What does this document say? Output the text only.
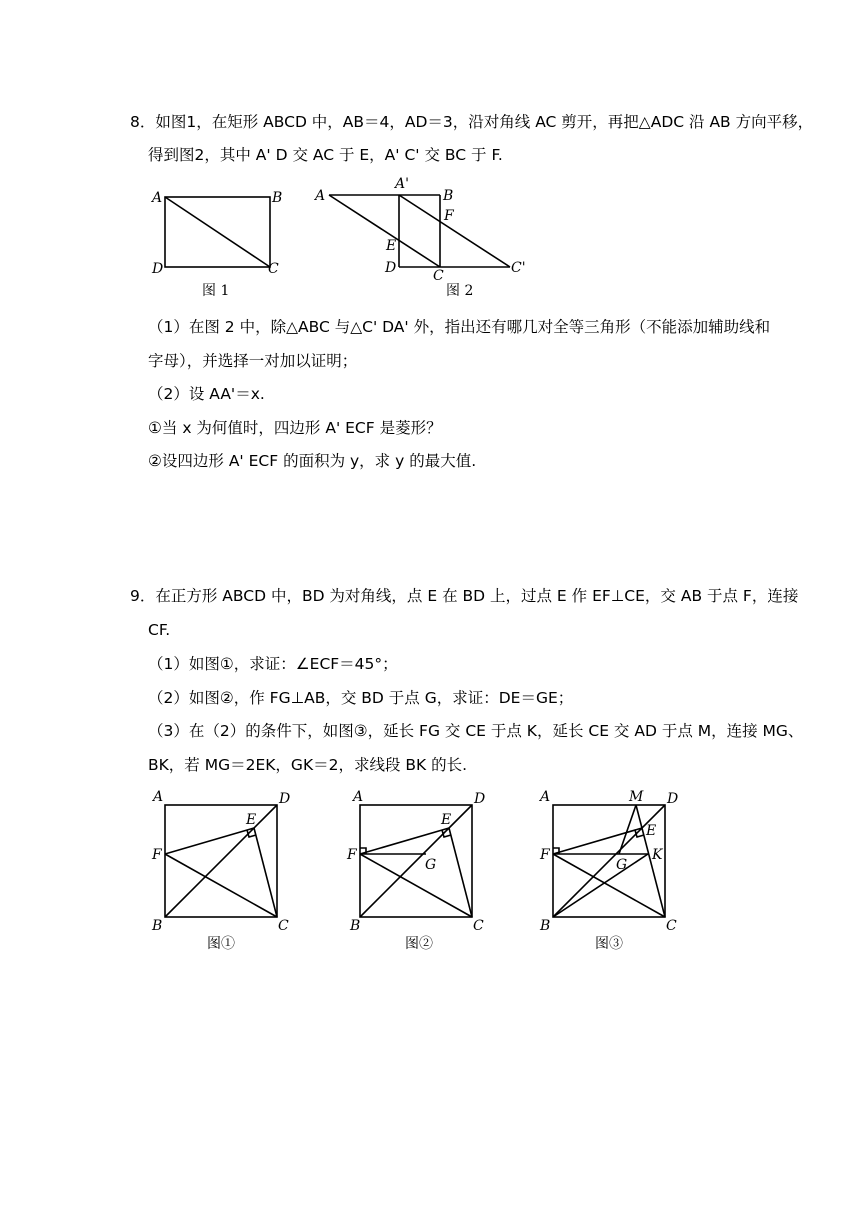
8．如图1，在矩形 ABCD 中，AB＝4，AD＝3，沿对角线 AC 剪开，再把△ADC 沿 AB 方向平移，
得到图2，其中 A' D 交 AC 于 E，A' C' 交 BC 于 F.
A	B
D	C
图 1
A
A'
B
F
E
D	C	C'
图 2
（1）在图 2 中，除△ABC 与△C' DA' 外，指出还有哪几对全等三角形（不能添加辅助线和
字母），并选择一对加以证明；
（2）设 AA'＝x.
①当 x 为何值时，四边形 A' ECF 是菱形？
②设四边形 A' ECF 的面积为 y，求 y 的最大值.
9．在正方形 ABCD 中，BD 为对角线，点 E 在 BD 上，过点 E 作 EF⊥CE，交 AB 于点 F，连接
CF.
（1）如图①，求证：∠ECF＝45°；
（2）如图②，作 FG⊥AB，交 BD 于点 G，求证：DE＝GE；
（3）在（2）的条件下，如图③，延长 FG 交 CE 于点 K，延长 CE 交 AD 于点 M，连接 MG、
BK，若 MG＝2EK，GK＝2，求线段 BK 的长.
A	D
E
F
B	C
图①
A	D
E
F
G
B	C
图②
A	M D
E
K
F
G
B	C
图③
